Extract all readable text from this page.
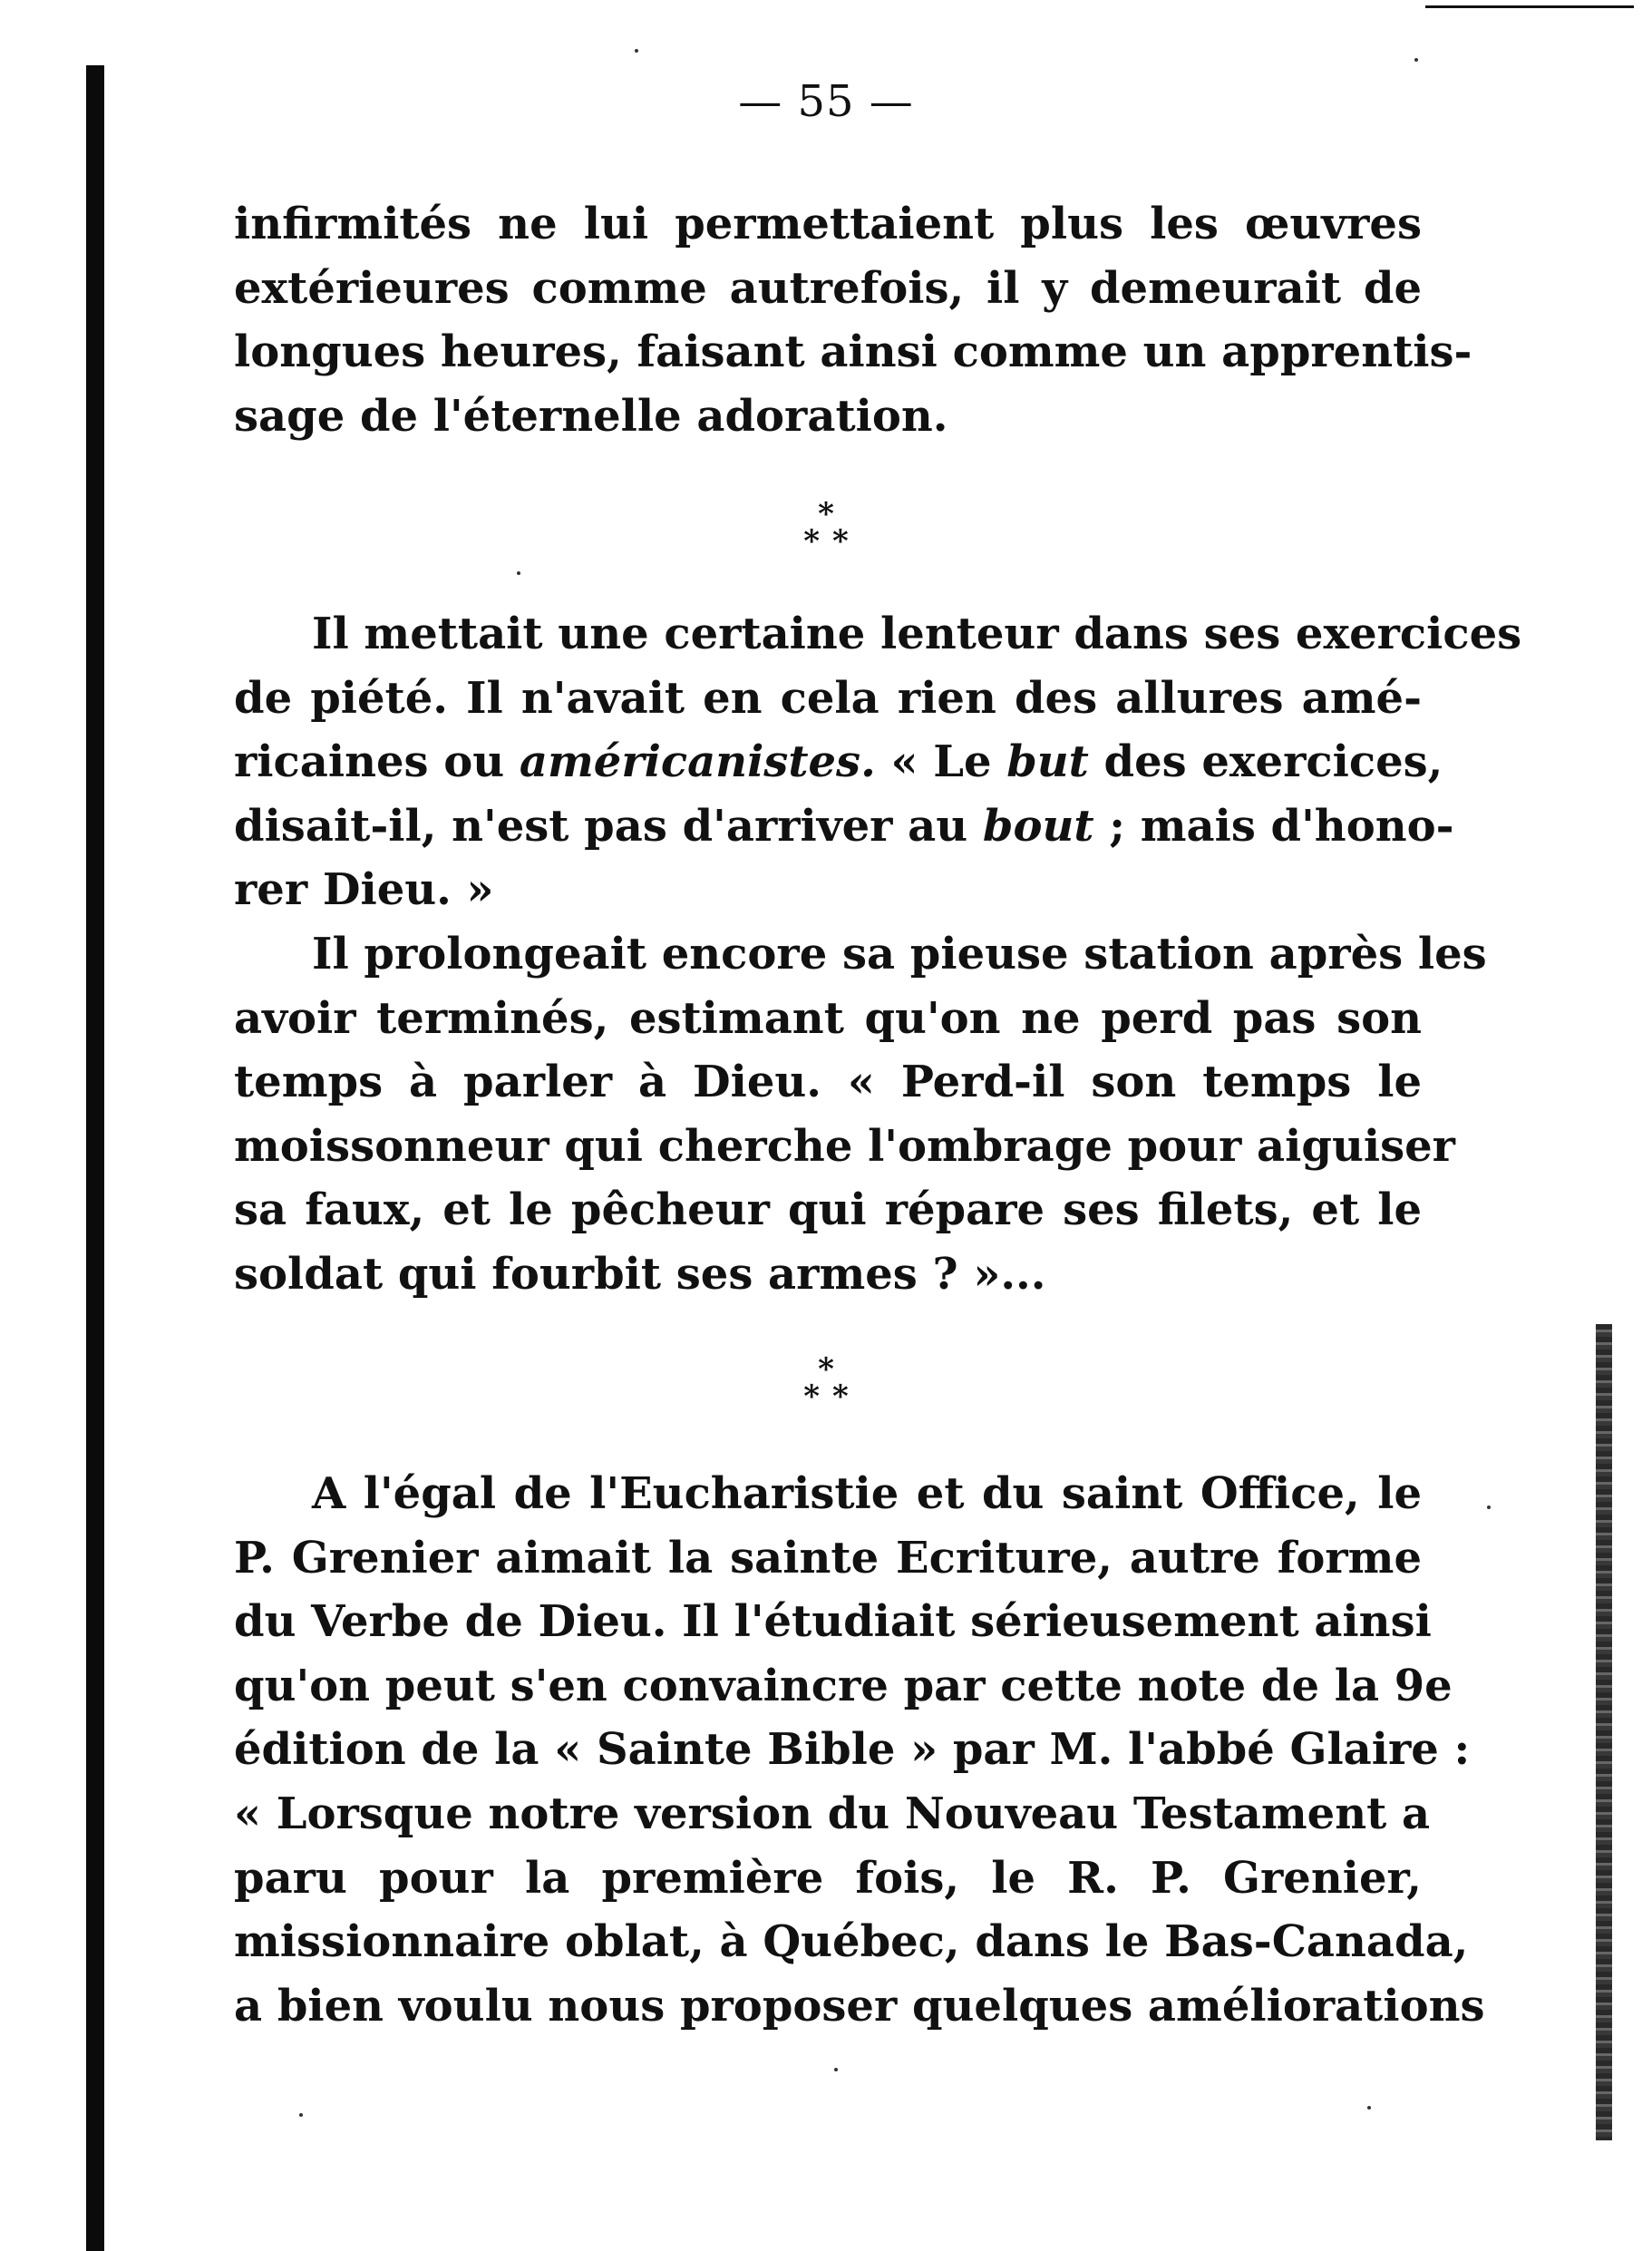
— 55 —
infirmités ne lui permettaient plus les œuvres
extérieures comme autrefois, il y demeurait de
longues heures, faisant ainsi comme un apprentis-
sage de l'éternelle adoration.
*
**
Il mettait une certaine lenteur dans ses exercices
de piété. Il n'avait en cela rien des allures amé-
ricaines ou américanistes. « Le but des exercices,
disait-il, n'est pas d'arriver au bout ; mais d'hono-
rer Dieu. »
Il prolongeait encore sa pieuse station après les
avoir terminés, estimant qu'on ne perd pas son
temps à parler à Dieu. « Perd-il son temps le
moissonneur qui cherche l'ombrage pour aiguiser
sa faux, et le pêcheur qui répare ses filets, et le
soldat qui fourbit ses armes ? »...
*
**
A l'égal de l'Eucharistie et du saint Office, le
P. Grenier aimait la sainte Ecriture, autre forme
du Verbe de Dieu. Il l'étudiait sérieusement ainsi
qu'on peut s'en convaincre par cette note de la 9e
édition de la « Sainte Bible » par M. l'abbé Glaire :
« Lorsque notre version du Nouveau Testament a
paru pour la première fois, le R. P. Grenier,
missionnaire oblat, à Québec, dans le Bas-Canada,
a bien voulu nous proposer quelques améliorations
